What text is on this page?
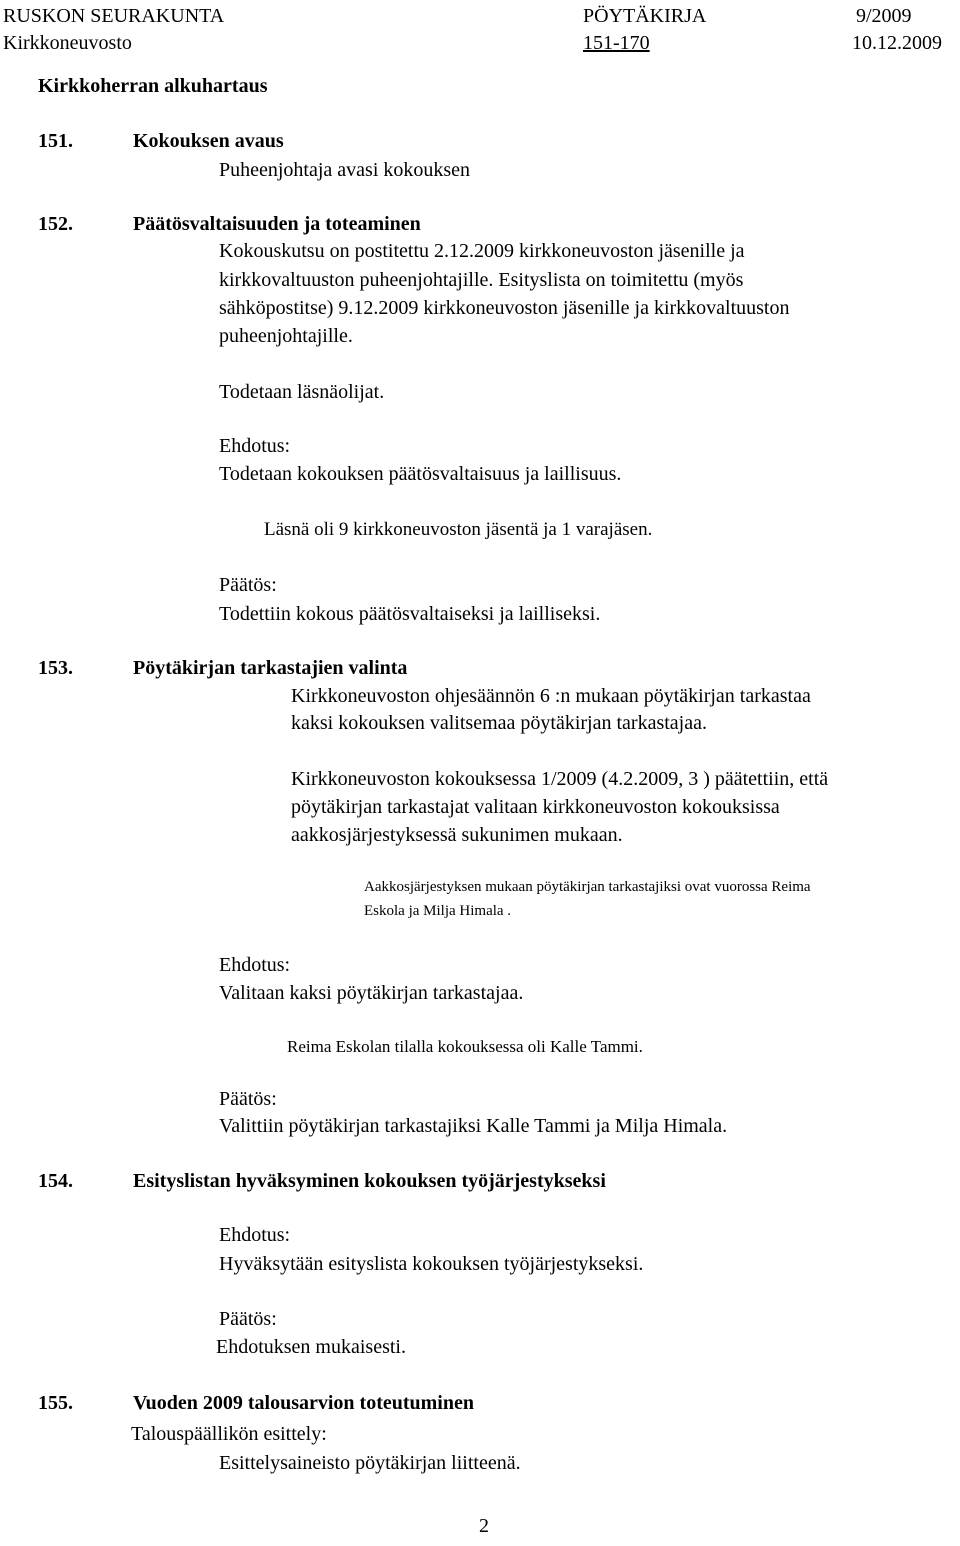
RUSKON SEURAKUNTA	PÖYTÄKIRJA	9/2009
Kirkkoneuvosto	151-170	10.12.2009
Kirkkoherran alkuhartaus
151.	Kokouksen avaus
Puheenjohtaja avasi kokouksen
152.	Päätösvaltaisuuden ja toteaminen
Kokouskutsu on postitettu 2.12.2009 kirkkoneuvoston jäsenille ja
kirkkovaltuuston puheenjohtajille. Esityslista on toimitettu (myös
sähköpostitse) 9.12.2009 kirkkoneuvoston jäsenille ja kirkkovaltuuston
puheenjohtajille.
Todetaan läsnäolijat.
Ehdotus:
Todetaan kokouksen päätösvaltaisuus ja laillisuus.
Läsnä oli 9 kirkkoneuvoston jäsentä ja 1 varajäsen.
Päätös:
Todettiin kokous päätösvaltaiseksi ja lailliseksi.
153.	Pöytäkirjan tarkastajien valinta
Kirkkoneuvoston ohjesäännön 6 :n mukaan pöytäkirjan tarkastaa
kaksi kokouksen valitsemaa pöytäkirjan tarkastajaa.
Kirkkoneuvoston kokouksessa 1/2009 (4.2.2009, 3 ) päätettiin, että
pöytäkirjan tarkastajat valitaan kirkkoneuvoston kokouksissa
aakkosjärjestyksessä sukunimen mukaan.
Aakkosjärjestyksen mukaan pöytäkirjan tarkastajiksi ovat vuorossa Reima
Eskola ja Milja Himala .
Ehdotus:
Valitaan kaksi pöytäkirjan tarkastajaa.
Reima Eskolan tilalla kokouksessa oli Kalle Tammi.
Päätös:
Valittiin pöytäkirjan tarkastajiksi Kalle Tammi ja Milja Himala.
154.	Esityslistan hyväksyminen kokouksen työjärjestykseksi
Ehdotus:
Hyväksytään esityslista kokouksen työjärjestykseksi.
Päätös:
Ehdotuksen mukaisesti.
155.	Vuoden 2009 talousarvion toteutuminen
Talouspäällikön esittely:
Esittelysaineisto pöytäkirjan liitteenä.
2
